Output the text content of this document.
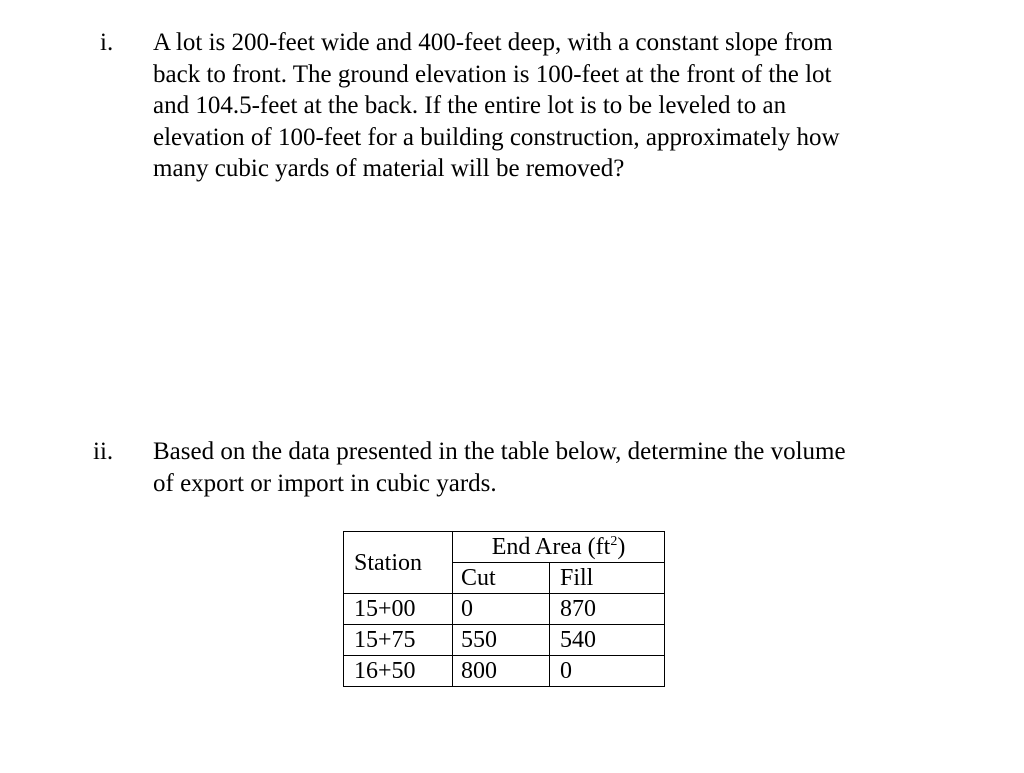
i. A lot is 200-feet wide and 400-feet deep, with a constant slope from
back to front. The ground elevation is 100-feet at the front of the lot
and 104.5-feet at the back. If the entire lot is to be leveled to an
elevation of 100-feet for a building construction, approximately how
many cubic yards of material will be removed?
ii. Based on the data presented in the table below, determine the volume
of export or import in cubic yards.
Station	End Area $(ft^2)$	
	Cut	Fill
15+00	0	870
15+75	550	540
16+50	800	0
